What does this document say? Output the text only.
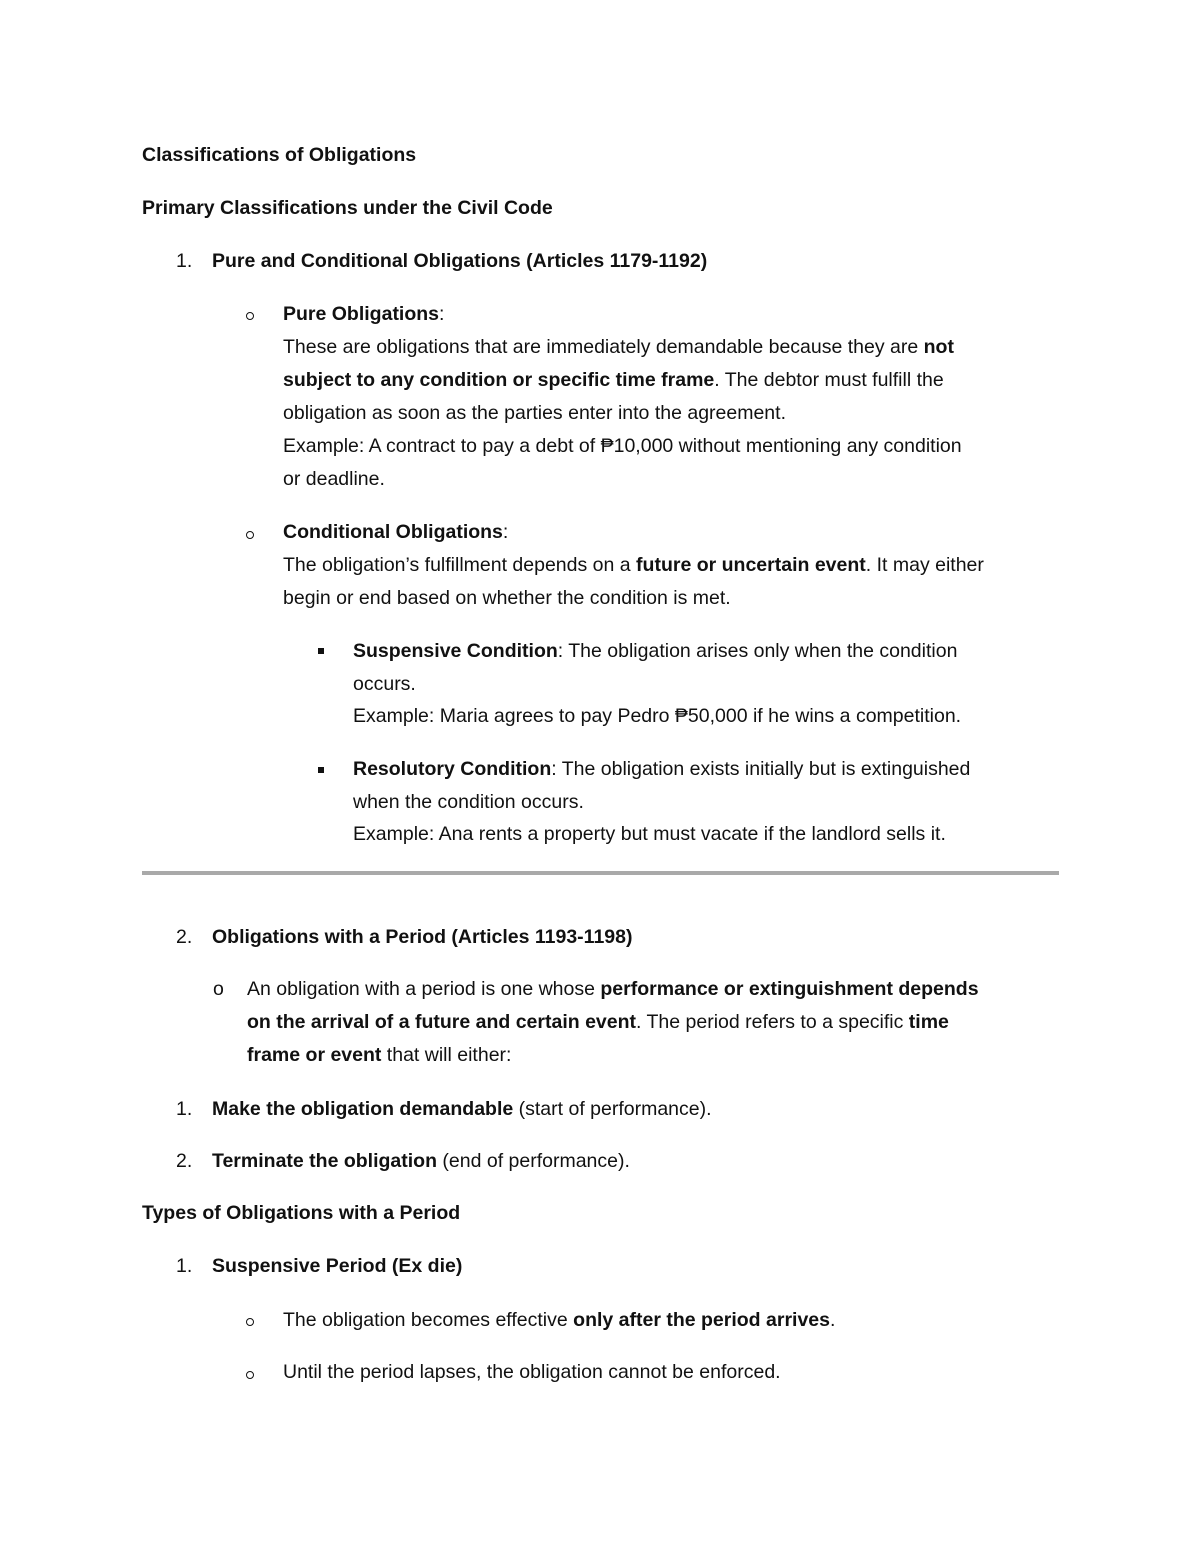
Classifications of Obligations
Primary Classifications under the Civil Code
1. Pure and Conditional Obligations (Articles 1179-1192)
Pure Obligations:
These are obligations that are immediately demandable because they are not
subject to any condition or specific time frame. The debtor must fulfill the
obligation as soon as the parties enter into the agreement.
Example: A contract to pay a debt of ₱10,000 without mentioning any condition
or deadline.
Conditional Obligations:
The obligation’s fulfillment depends on a future or uncertain event. It may either
begin or end based on whether the condition is met.
Suspensive Condition: The obligation arises only when the condition
occurs.
Example: Maria agrees to pay Pedro ₱50,000 if he wins a competition.
Resolutory Condition: The obligation exists initially but is extinguished
when the condition occurs.
Example: Ana rents a property but must vacate if the landlord sells it.
2. Obligations with a Period (Articles 1193-1198)
o An obligation with a period is one whose performance or extinguishment depends
on the arrival of a future and certain event. The period refers to a specific time
frame or event that will either:
1. Make the obligation demandable (start of performance).
2. Terminate the obligation (end of performance).
Types of Obligations with a Period
1. Suspensive Period (Ex die)
The obligation becomes effective only after the period arrives.
Until the period lapses, the obligation cannot be enforced.
